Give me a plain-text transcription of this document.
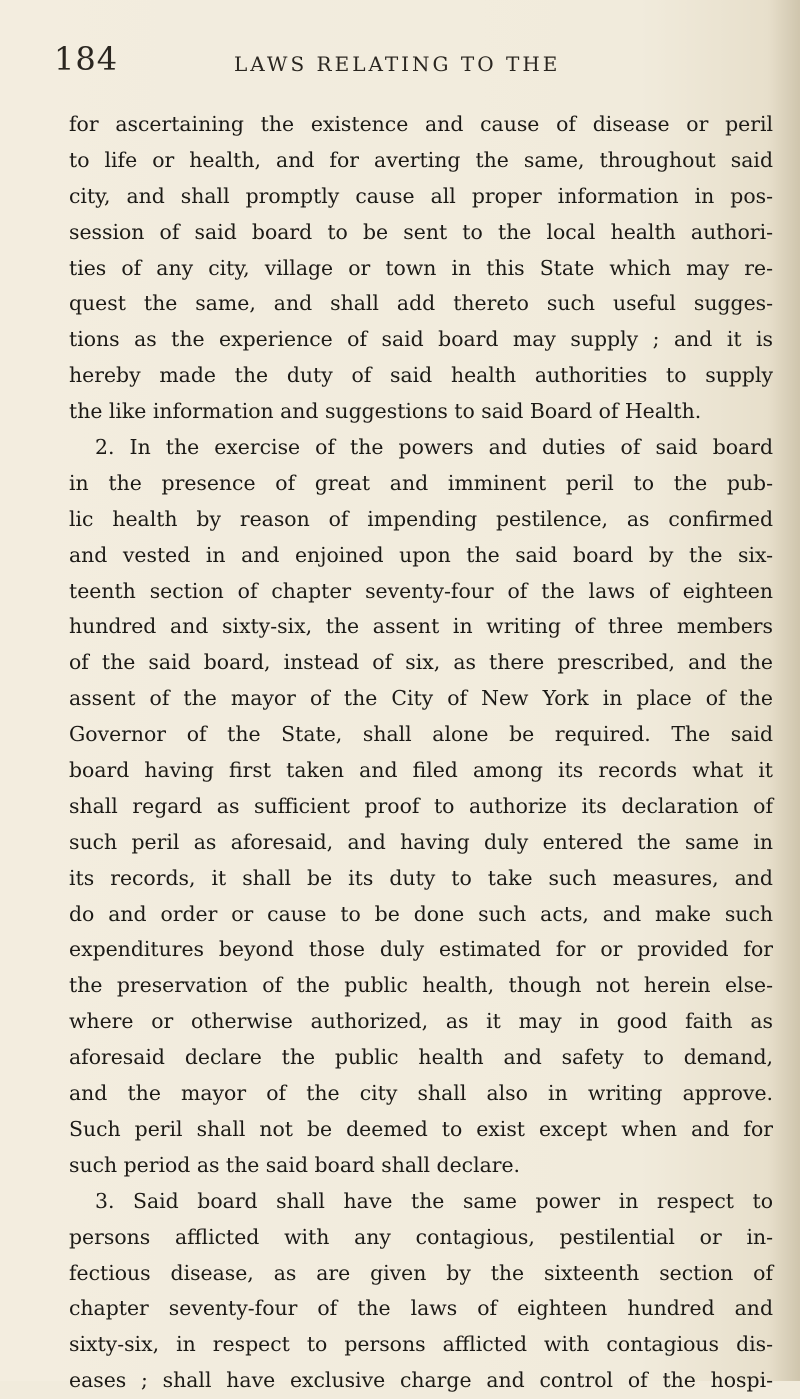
184	LAWS RELATING TO THE
for ascertaining the existence and cause of disease or peril
to life or health, and for averting the same, throughout said
city, and shall promptly cause all proper information in pos-
session of said board to be sent to the local health authori-
ties of any city, village or town in this State which may re-
quest the same, and shall add thereto such useful sugges-
tions as the experience of said board may supply ; and it is
hereby made the duty of said health authorities to supply
the like information and suggestions to said Board of Health.
2. In the exercise of the powers and duties of said board
in the presence of great and imminent peril to the pub-
lic health by reason of impending pestilence, as confirmed
and vested in and enjoined upon the said board by the six-
teenth section of chapter seventy-four of the laws of eighteen
hundred and sixty-six, the assent in writing of three members
of the said board, instead of six, as there prescribed, and the
assent of the mayor of the City of New York in place of the
Governor of the State, shall alone be required. The said
board having first taken and filed among its records what it
shall regard as sufficient proof to authorize its declaration of
such peril as aforesaid, and having duly entered the same in
its records, it shall be its duty to take such measures, and
do and order or cause to be done such acts, and make such
expenditures beyond those duly estimated for or provided for
the preservation of the public health, though not herein else-
where or otherwise authorized, as it may in good faith as
aforesaid declare the public health and safety to demand,
and the mayor of the city shall also in writing approve.
Such peril shall not be deemed to exist except when and for
such period as the said board shall declare.
3. Said board shall have the same power in respect to
persons afflicted with any contagious, pestilential or in-
fectious disease, as are given by the sixteenth section of
chapter seventy-four of the laws of eighteen hundred and
sixty-six, in respect to persons afflicted with contagious dis-
eases ; shall have exclusive charge and control of the hospi-
